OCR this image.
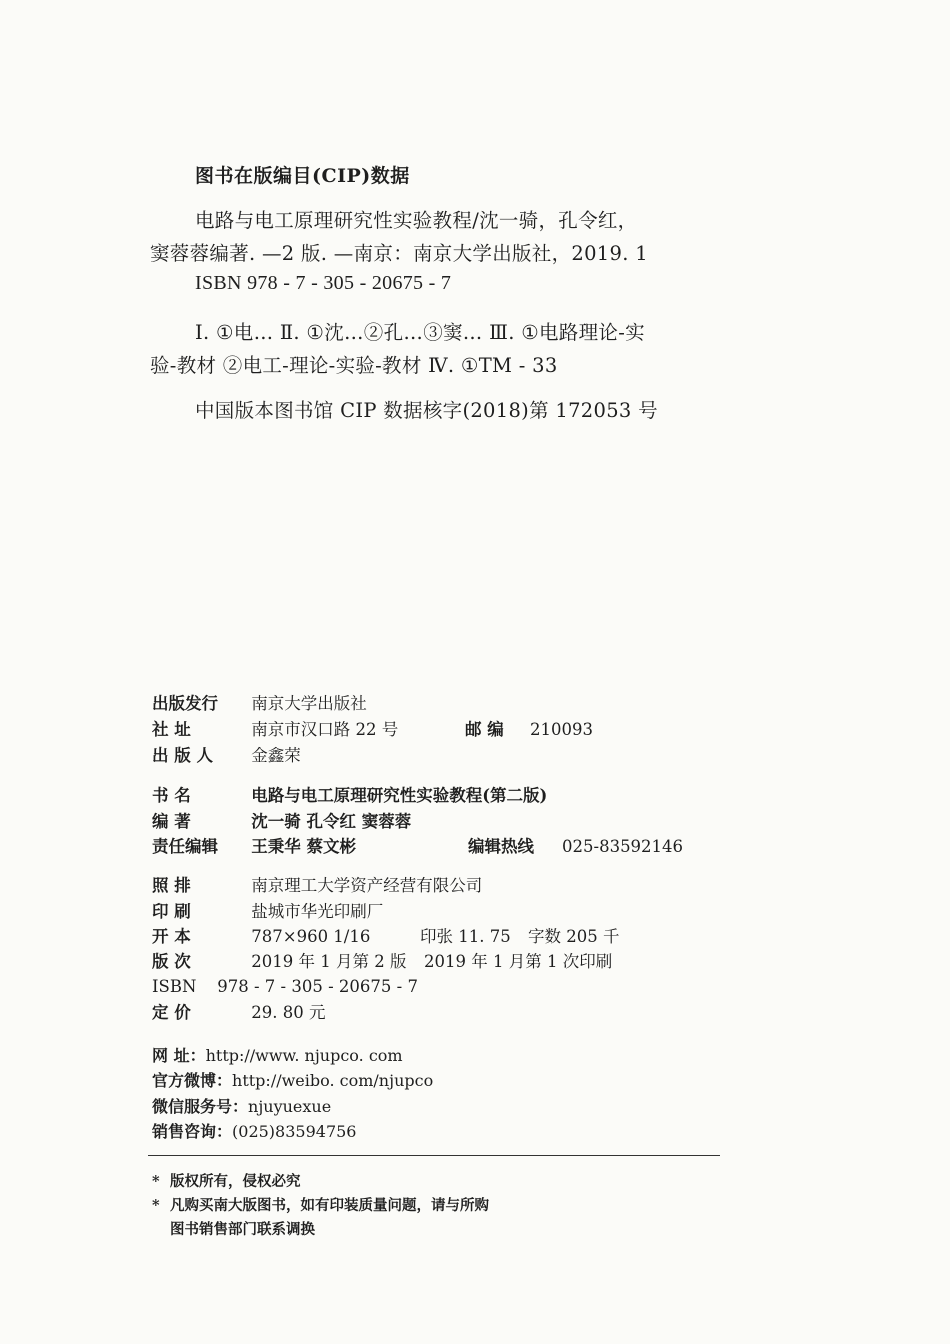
图书在版编目(CIP)数据
电路与电工原理研究性实验教程/沈一骑，孔令红，
窦蓉蓉编著. —2 版. —南京：南京大学出版社，2019. 1
ISBN 978 - 7 - 305 - 20675 - 7
Ⅰ. ①电… Ⅱ. ①沈…②孔…③窦… Ⅲ. ①电路理论-实
验-教材 ②电工-理论-实验-教材 Ⅳ. ①TM - 33
中国版本图书馆 CIP 数据核字(2018)第 172053 号
出版发行 南京大学出版社
社 址	南京市汉口路 22 号	邮 编 210093
出 版 人 金鑫荣
书 名	电路与电工原理研究性实验教程(第二版)
编 著	沈一骑 孔令红 窦蓉蓉
责任编辑 王秉华 蔡文彬	编辑热线 025-83592146
照 排	南京理工大学资产经营有限公司
印 刷	盐城市华光印刷厂
开 本	787×960 1/16	印张 11. 75 字数 205 千
版 次	2019 年 1 月第 2 版 2019 年 1 月第 1 次印刷
ISBN 978 - 7 - 305 - 20675 - 7
定 价	29. 80 元
网 址：http://www. njupco. com
官方微博：http://weibo. com/njupco
微信服务号：njuyuexue
销售咨询：(025)83594756
* 版权所有，侵权必究
* 凡购买南大版图书，如有印装质量问题，请与所购
图书销售部门联系调换
